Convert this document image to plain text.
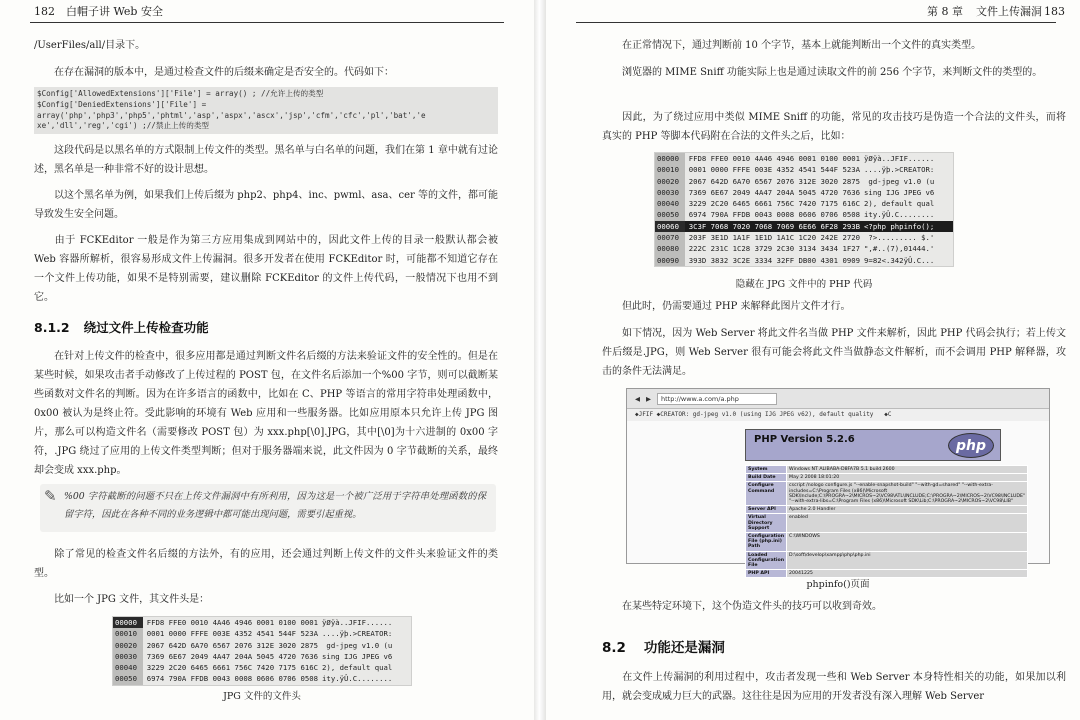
182 白帽子讲 Web 安全
/UserFiles/all/目录下。
在存在漏洞的版本中，是通过检查文件的后缀来确定是否安全的。代码如下：
$Config['AllowedExtensions']['File'] = array() ; //允许上传的类型
$Config['DeniedExtensions']['File'] =
array('php','php3','php5','phtml','asp','aspx','ascx','jsp','cfm','cfc','pl','bat','e
xe','dll','reg','cgi') ;//禁止上传的类型
这段代码是以黑名单的方式限制上传文件的类型。黑名单与白名单的问题，我们在第 1 章中就有过论述，黑名单是一种非常不好的设计思想。
以这个黑名单为例，如果我们上传后缀为 php2、php4、inc、pwml、asa、cer 等的文件，都可能导致发生安全问题。
由于 FCKEditor 一般是作为第三方应用集成到网站中的，因此文件上传的目录一般默认都会被 Web 容器所解析，很容易形成文件上传漏洞。很多开发者在使用 FCKEditor 时，可能都不知道它存在一个文件上传功能，如果不是特别需要，建议删除 FCKEditor 的文件上传代码，一般情况下也用不到它。
8.1.2 绕过文件上传检查功能
在针对上传文件的检查中，很多应用都是通过判断文件名后缀的方法来验证文件的安全性的。但是在某些时候，如果攻击者手动修改了上传过程的 POST 包，在文件名后添加一个%00 字节，则可以截断某些函数对文件名的判断。因为在许多语言的函数中，比如在 C、PHP 等语言的常用字符串处理函数中，0x00 被认为是终止符。受此影响的环境有 Web 应用和一些服务器。比如应用原本只允许上传 JPG 图片，那么可以构造文件名（需要修改 POST 包）为 xxx.php[\0].JPG，其中[\0]为十六进制的 0x00 字符，.JPG 绕过了应用的上传文件类型判断；但对于服务器端来说，此文件因为 0 字节截断的关系，最终却会变成 xxx.php。
✎ %00 字符截断的问题不只在上传文件漏洞中有所利用，因为这是一个被广泛用于字符串处理函数的保留字符，因此在各种不同的业务逻辑中都可能出现问题，需要引起重视。
除了常见的检查文件名后缀的方法外，有的应用，还会通过判断上传文件的文件头来验证文件的类型。
比如一个 JPG 文件，其文件头是：
00000	FFD8 FFE0 0010 4A46 4946 0001 0100 0001 ÿØÿà..JFIF......
00010	0001 0000 FFFE 003E 4352 4541 544F 523A ....ÿþ.>CREATOR:
00020	2067 642D 6A70 6567 2076 312E 3020 2875 gd-jpeg v1.0 (u
00030	7369 6E67 2049 4A47 204A 5045 4720 7636 sing IJG JPEG v6
00040	3229 2C20 6465 6661 756C 7420 7175 616C 2), default qual
00050	6974 790A FFDB 0043 0008 0606 0706 0508 ity.ÿÛ.C........
JPG 文件的文件头
第 8 章 文件上传漏洞 183
在正常情况下，通过判断前 10 个字节，基本上就能判断出一个文件的真实类型。
浏览器的 MIME Sniff 功能实际上也是通过读取文件的前 256 个字节，来判断文件的类型的。
因此，为了绕过应用中类似 MIME Sniff 的功能，常见的攻击技巧是伪造一个合法的文件头，而将真实的 PHP 等脚本代码附在合法的文件头之后，比如：
00000	FFD8 FFE0 0010 4A46 4946 0001 0100 0001 ÿØÿà..JFIF......
00010	0001 0000 FFFE 003E 4352 4541 544F 523A ....ÿþ.>CREATOR:
00020	2067 642D 6A70 6567 2076 312E 3020 2875 gd-jpeg v1.0 (u
00030	7369 6E67 2049 4A47 204A 5045 4720 7636 sing IJG JPEG v6
00040	3229 2C20 6465 6661 756C 7420 7175 616C 2), default qual
00050	6974 790A FFDB 0043 0008 0606 0706 0508 ity.ÿÛ.C........
00060	3C3F 7068 7020 7068 7069 6E66 6F28 293B <?php phpinfo();
00070	203F 3E1D 1A1F 1E1D 1A1C 1C20 242E 2720 ?>......... $.'
00080	222C 231C 1C28 3729 2C30 3134 3434 1F27 ",#..(7),01444.'
00090	393D 3832 3C2E 3334 32FF DB00 4301 0909 9=82<.342ÿÛ.C...
隐藏在 JPG 文件中的 PHP 代码
但此时，仍需要通过 PHP 来解释此图片文件才行。
如下情况，因为 Web Server 将此文件名当做 PHP 文件来解析，因此 PHP 代码会执行；若上传文件后缀是.JPG，则 Web Server 很有可能会将此文件当做静态文件解析，而不会调用 PHP 解释器，攻击的条件无法满足。
◀ ▶	http://www.a.com/a.php
◆JFIF ◆CREATOR: gd-jpeg v1.0 (using IJG JPEG v62), default quality   ◆C
PHP Version 5.2.6	php
System	Windows NT ALIBABA-D8FA7B 5.1 build 2600
Build Date	May 2 2008 18:01:20
Configure Command	cscript /nologo configure.js "--enable-snapshot-build" "--with-gd=shared" "--with-extra-includes=C:\Program Files (x86)\Microsoft SDK\Include;C:\PROGRA~2\MICROS~2\VC98\ATL\INCLUDE;C:\PROGRA~2\MICROS~2\VC98\INCLUDE" "--with-extra-libs=C:\Program Files (x86)\Microsoft SDK\Lib;C:\PROGRA~2\MICROS~2\VC98\LIB"
Server API	Apache 2.0 Handler
Virtual Directory Support	enabled
Configuration File (php.ini) Path	C:\WINDOWS
Loaded Configuration File	D:\soft\develop\xampp\php\php.ini
PHP API	20041225
phpinfo()页面
在某些特定环境下，这个伪造文件头的技巧可以收到奇效。
8.2 功能还是漏洞
在文件上传漏洞的利用过程中，攻击者发现一些和 Web Server 本身特性相关的功能，如果加以利用，就会变成威力巨大的武器。这往往是因为应用的开发者没有深入理解 Web Server
